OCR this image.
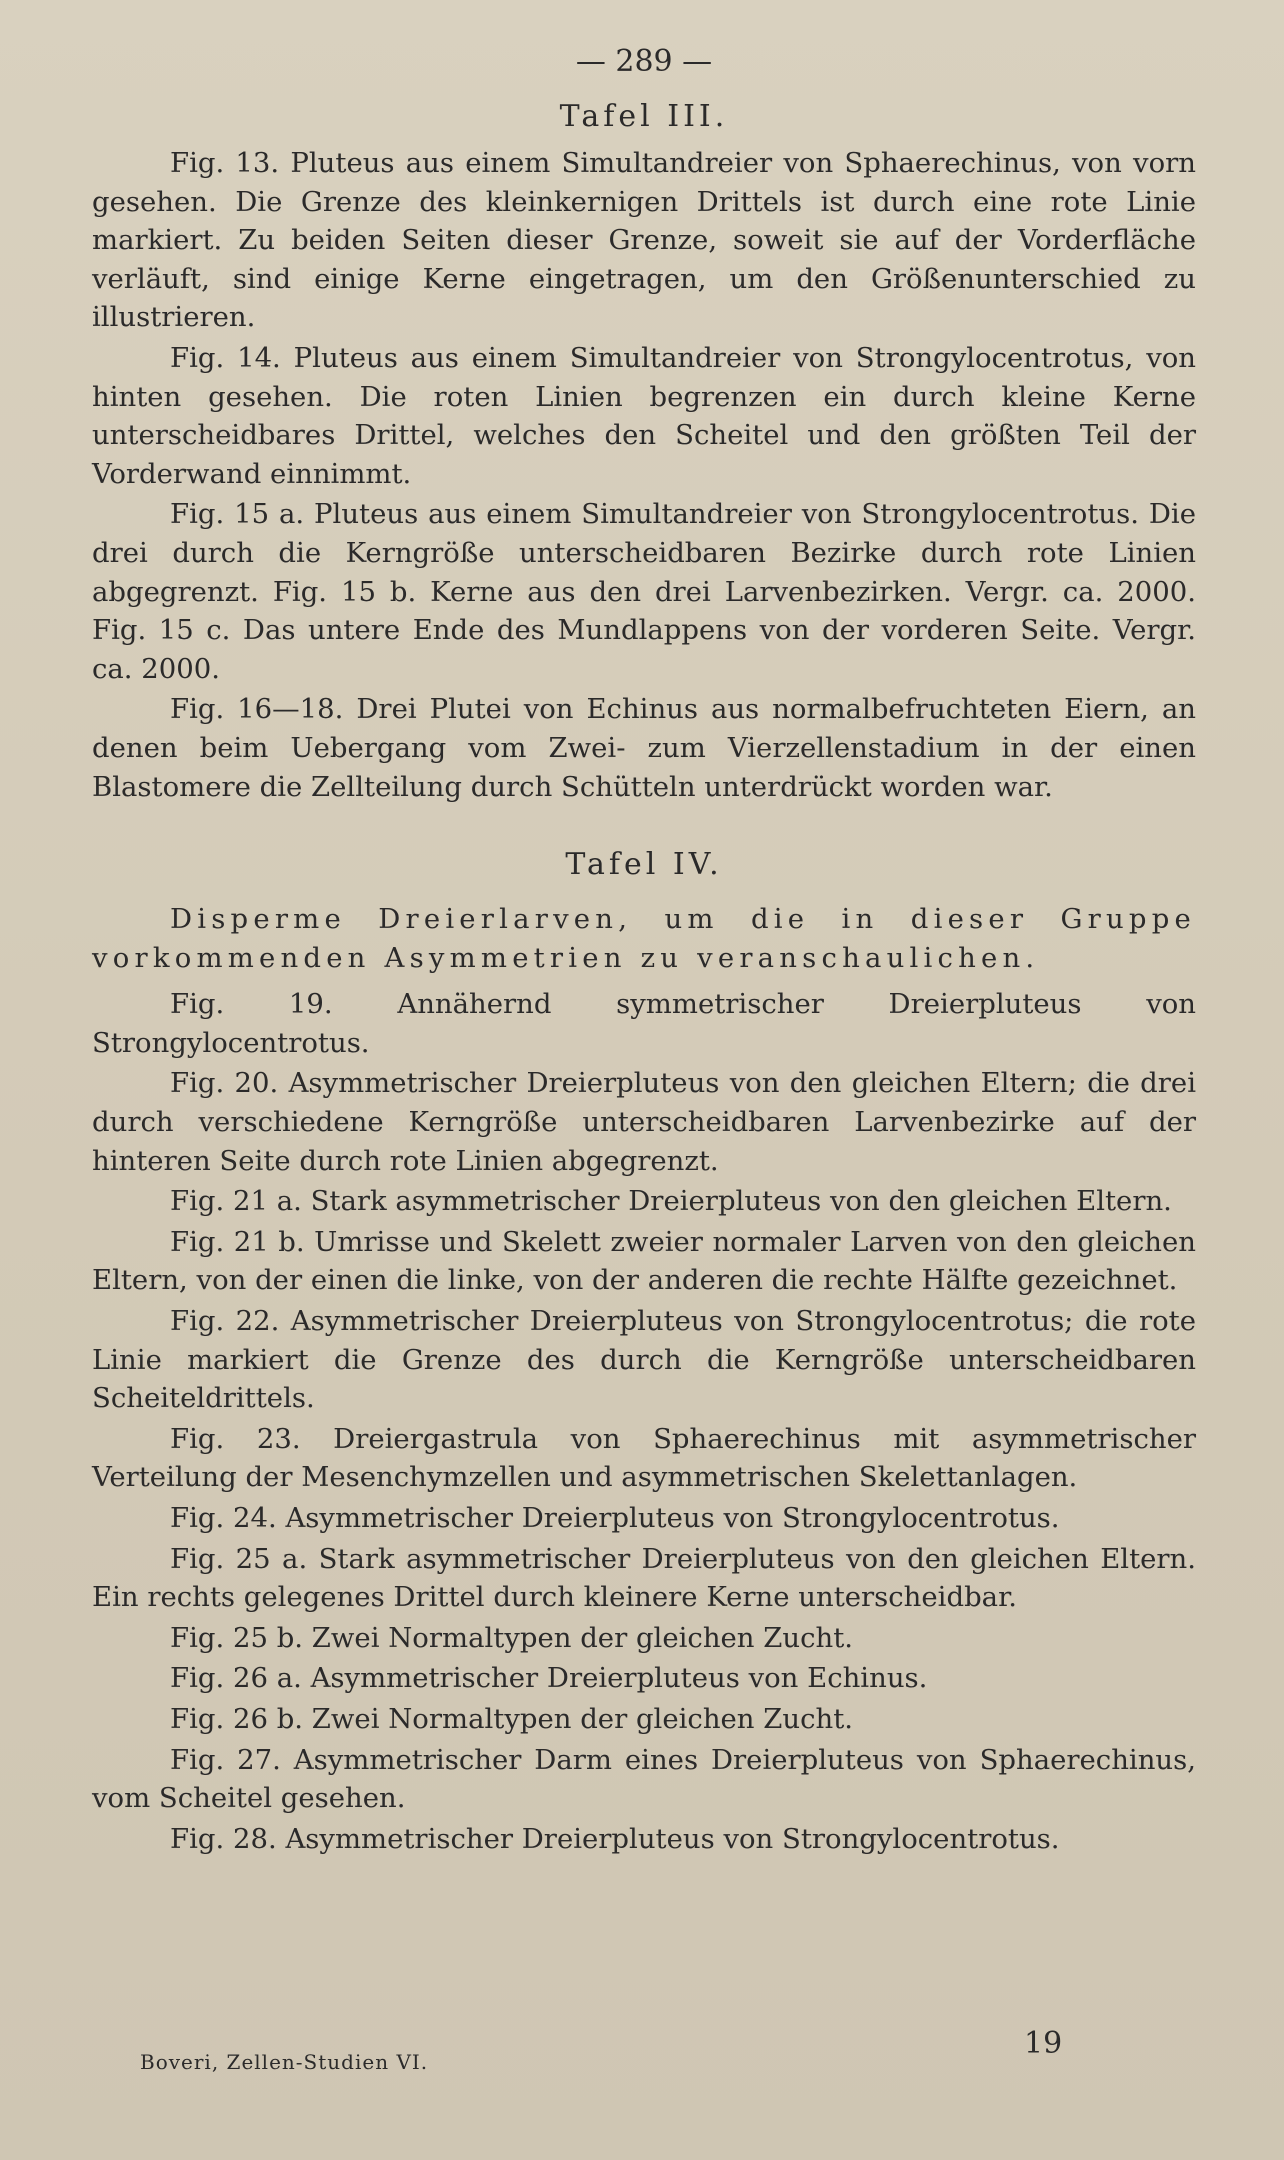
— 289 —
Tafel III.

Fig. 13. Pluteus aus einem Simultandreier von Sphaerechinus, von vorn gesehen. Die Grenze des kleinkernigen Drittels ist durch eine rote Linie markiert. Zu beiden Seiten dieser Grenze, soweit sie auf der Vorderfläche verläuft, sind einige Kerne eingetragen, um den Größenunterschied zu illustrieren.

Fig. 14. Pluteus aus einem Simultandreier von Strongylocentrotus, von hinten gesehen. Die roten Linien begrenzen ein durch kleine Kerne unterscheidbares Drittel, welches den Scheitel und den größten Teil der Vorderwand einnimmt.

Fig. 15 a. Pluteus aus einem Simultandreier von Strongylocentrotus. Die drei durch die Kerngröße unterscheidbaren Bezirke durch rote Linien abgegrenzt. Fig. 15 b. Kerne aus den drei Larvenbezirken. Vergr. ca. 2000. Fig. 15 c. Das untere Ende des Mundlappens von der vorderen Seite. Vergr. ca. 2000.

Fig. 16—18. Drei Plutei von Echinus aus normalbefruchteten Eiern, an denen beim Uebergang vom Zwei- zum Vierzellenstadium in der einen Blastomere die Zellteilung durch Schütteln unterdrückt worden war.

Tafel IV.

Disperme Dreierlarven, um die in dieser Gruppe vorkommenden Asymmetrien zu veranschaulichen.

Fig. 19. Annähernd symmetrischer Dreierpluteus von Strongylocentrotus.

Fig. 20. Asymmetrischer Dreierpluteus von den gleichen Eltern; die drei durch verschiedene Kerngröße unterscheidbaren Larvenbezirke auf der hinteren Seite durch rote Linien abgegrenzt.

Fig. 21 a. Stark asymmetrischer Dreierpluteus von den gleichen Eltern.

Fig. 21 b. Umrisse und Skelett zweier normaler Larven von den gleichen Eltern, von der einen die linke, von der anderen die rechte Hälfte gezeichnet.

Fig. 22. Asymmetrischer Dreierpluteus von Strongylocentrotus; die rote Linie markiert die Grenze des durch die Kerngröße unterscheidbaren Scheiteldrittels.

Fig. 23. Dreiergastrula von Sphaerechinus mit asymmetrischer Verteilung der Mesenchymzellen und asymmetrischen Skelettanlagen.

Fig. 24. Asymmetrischer Dreierpluteus von Strongylocentrotus.

Fig. 25 a. Stark asymmetrischer Dreierpluteus von den gleichen Eltern. Ein rechts gelegenes Drittel durch kleinere Kerne unterscheidbar.

Fig. 25 b. Zwei Normaltypen der gleichen Zucht.

Fig. 26 a. Asymmetrischer Dreierpluteus von Echinus.

Fig. 26 b. Zwei Normaltypen der gleichen Zucht.

Fig. 27. Asymmetrischer Darm eines Dreierpluteus von Sphaerechinus, vom Scheitel gesehen.

Fig. 28. Asymmetrischer Dreierpluteus von Strongylocentrotus.

19
Boveri, Zellen-Studien VI.
